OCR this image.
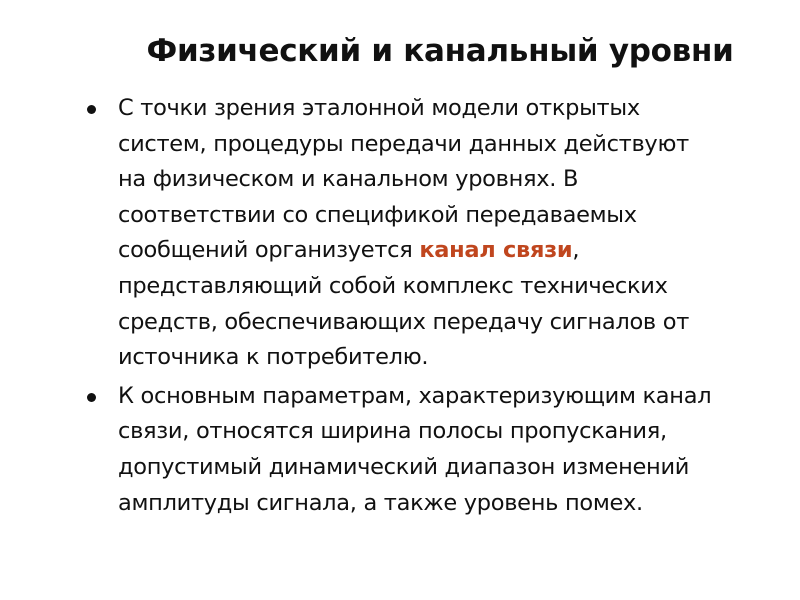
Физический и канальный уровни
С точки зрения эталонной модели открытых
систем, процедуры передачи данных действуют
на физическом и канальном уровнях. В
соответствии со спецификой передаваемых
сообщений организуется канал связи,
представляющий собой комплекс технических
средств, обеспечивающих передачу сигналов от
источника к потребителю.
К основным параметрам, характеризующим канал
связи, относятся ширина полосы пропускания,
допустимый динамический диапазон изменений
амплитуды сигнала, а также уровень помех.
